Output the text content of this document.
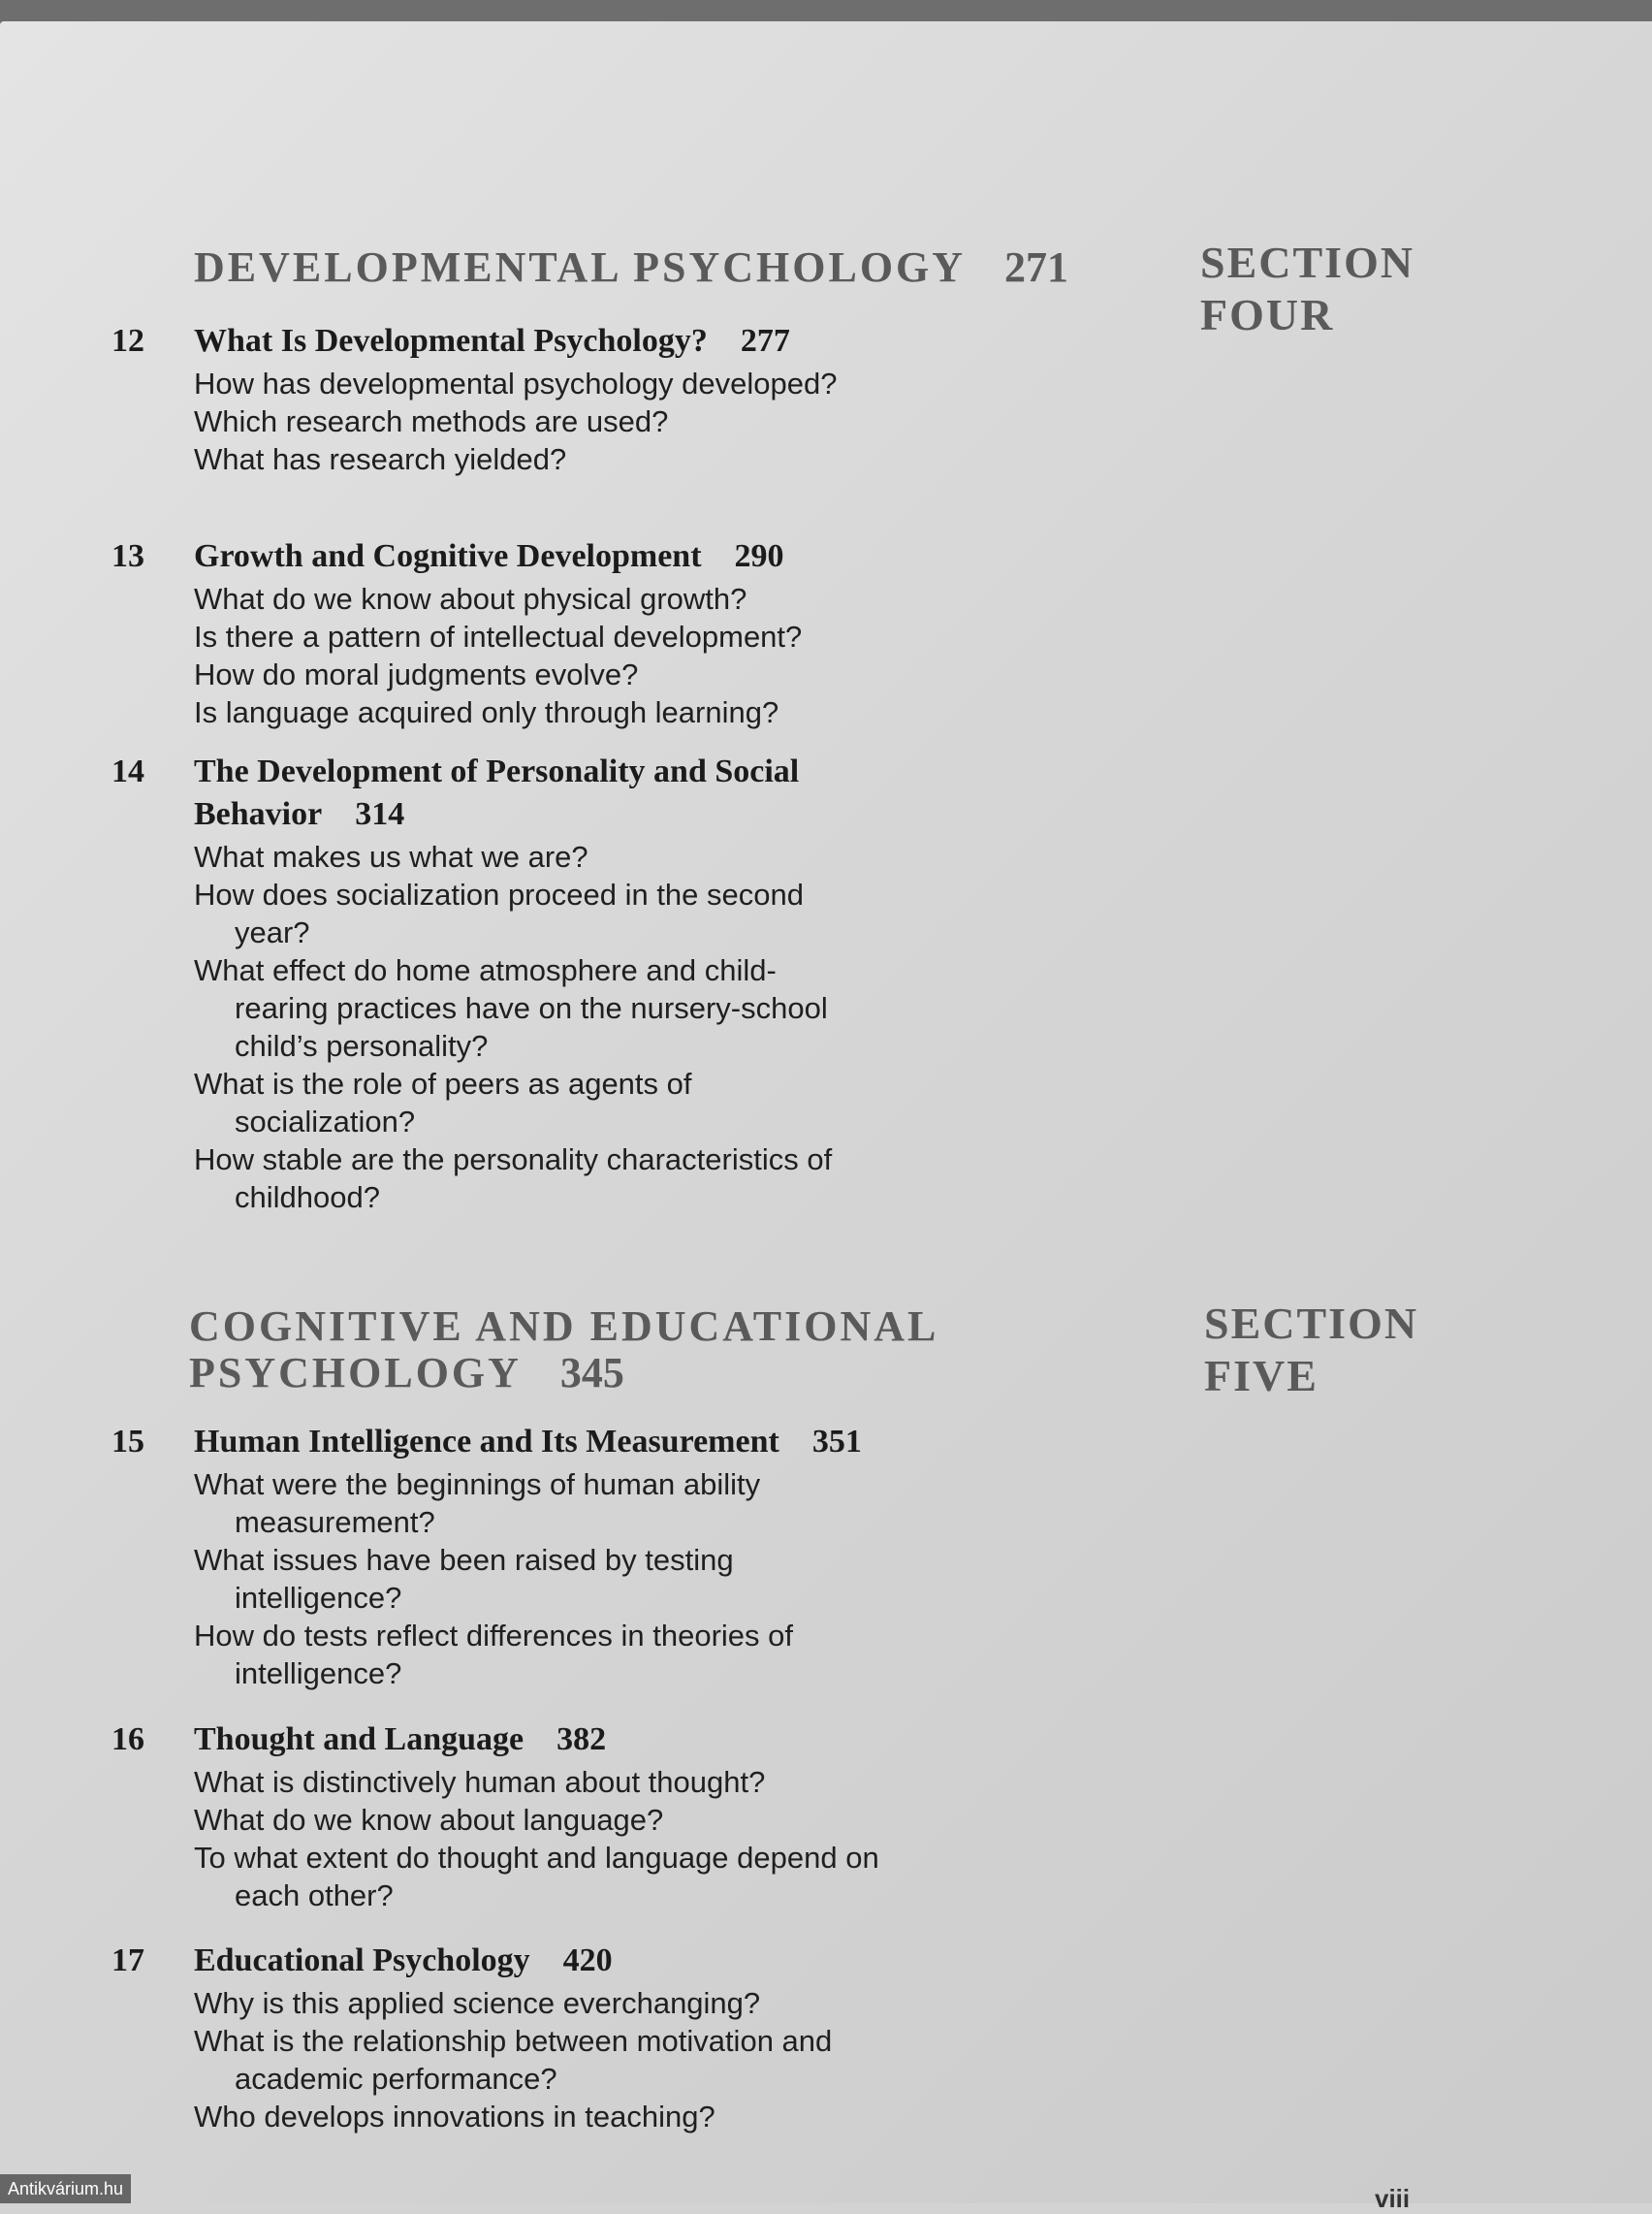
DEVELOPMENTAL PSYCHOLOGY 271	SECTION
FOUR
12 What Is Developmental Psychology? 277
How has developmental psychology developed?
Which research methods are used?
What has research yielded?
13 Growth and Cognitive Development 290
What do we know about physical growth?
Is there a pattern of intellectual development?
How do moral judgments evolve?
Is language acquired only through learning?
14 The Development of Personality and Social Behavior 314
What makes us what we are?
How does socialization proceed in the second year?
What effect do home atmosphere and child-rearing practices have on the nursery-school child’s personality?
What is the role of peers as agents of socialization?
How stable are the personality characteristics of childhood?
COGNITIVE AND EDUCATIONAL
PSYCHOLOGY 345
SECTION
FIVE
15 Human Intelligence and Its Measurement 351
What were the beginnings of human ability measurement?
What issues have been raised by testing intelligence?
How do tests reflect differences in theories of intelligence?
16 Thought and Language 382
What is distinctively human about thought?
What do we know about language?
To what extent do thought and language depend on each other?
17 Educational Psychology 420
Why is this applied science everchanging?
What is the relationship between motivation and academic performance?
Who develops innovations in teaching?
viii
Antikvárium.hu
